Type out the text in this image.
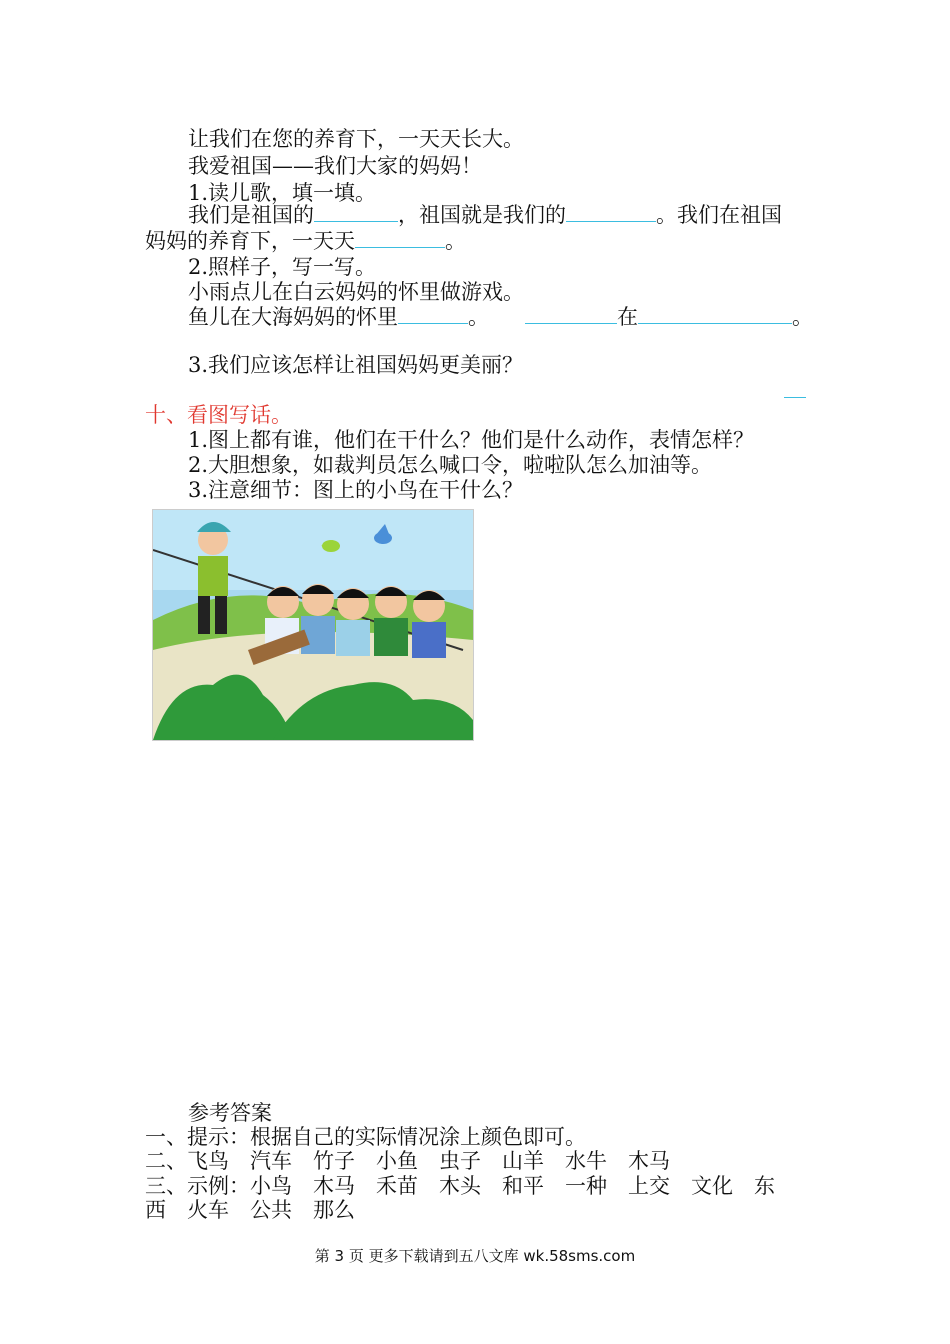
让我们在您的养育下，一天天长大。
我爱祖国——我们大家的妈妈！
1.读儿歌，填一填。
我们是祖国的	，祖国就是我们的	。我们在祖国
妈妈的养育下，一天天	。
2.照样子，写一写。
小雨点儿在白云妈妈的怀里做游戏。
鱼儿在大海妈妈的怀里	。	在	。
3.我们应该怎样让祖国妈妈更美丽？
十、看图写话。
1.图上都有谁，他们在干什么？他们是什么动作，表情怎样？
2.大胆想象，如裁判员怎么喊口令，啦啦队怎么加油等。
3.注意细节：图上的小鸟在干什么？
参考答案
一、提示：根据自己的实际情况涂上颜色即可。
二、飞鸟　汽车　竹子　小鱼　虫子　山羊　水牛　木马
三、示例：小鸟　木马　禾苗　木头　和平　一种　上交　文化　东
西　火车　公共　那么
第 3 页 更多下载请到五八文库 wk.58sms.com
